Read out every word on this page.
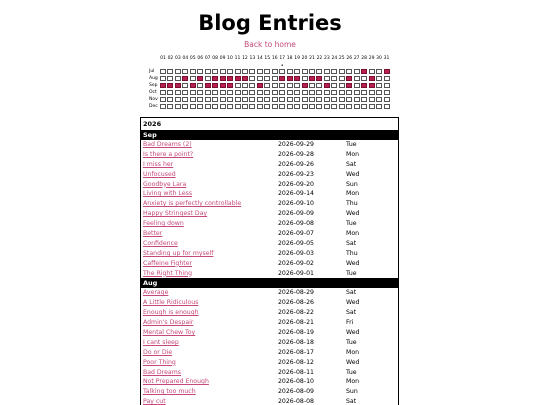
Blog Entries
Back to home
01 02 03 04 05 06 07 08 09 10 11 12 13 14 15 16 17 18 19 20 21 22 23 24 25 26 27 28 29 30 31
•
Jul
Aug
Sep
Oct
Nov
Dec
2026
Sep
Bad Dreams (2)	2026-09-29	Tue
Is there a point?	2026-09-28	Mon
I miss her	2026-09-26	Sat
Unfocused	2026-09-23	Wed
Goodbye Lara	2026-09-20	Sun
Living with Less	2026-09-14	Mon
Anxiety is perfectly controllable	2026-09-10	Thu
Happy Stringest Day	2026-09-09	Wed
Feeling down	2026-09-08	Tue
Better	2026-09-07	Mon
Confidence	2026-09-05	Sat
Standing up for myself	2026-09-03	Thu
Caffeine Fighter	2026-09-02	Wed
The Right Thing	2026-09-01	Tue
Aug
Average	2026-08-29	Sat
A Little Ridiculous	2026-08-26	Wed
Enough is enough	2026-08-22	Sat
Admin's Despair	2026-08-21	Fri
Mental Chew Toy	2026-08-19	Wed
I cant sleep	2026-08-18	Tue
Do or Die	2026-08-17	Mon
Poor Thing	2026-08-12	Wed
Bad Dreams	2026-08-11	Tue
Not Prepared Enough	2026-08-10	Mon
Talking too much	2026-08-09	Sun
Pay cut	2026-08-08	Sat
